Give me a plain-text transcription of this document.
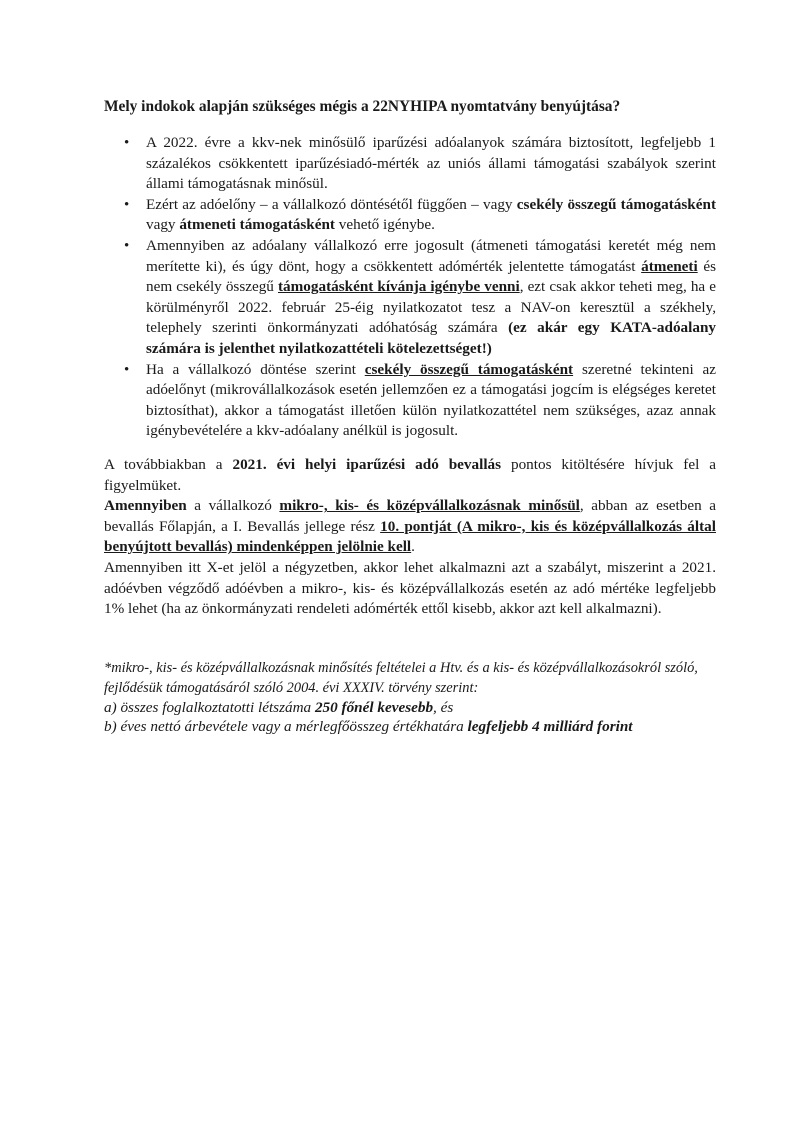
Mely indokok alapján szükséges mégis a 22NYHIPA nyomtatvány benyújtása?

• A 2022. évre a kkv-nek minősülő iparűzési adóalanyok számára biztosított, legfeljebb 1 százalékos csökkentett iparűzésiadó-mérték az uniós állami támogatási szabályok szerint állami támogatásnak minősül.
• Ezért az adóelőny – a vállalkozó döntésétől függően – vagy csekély összegű támogatásként vagy átmeneti támogatásként vehető igénybe.
• Amennyiben az adóalany vállalkozó erre jogosult (átmeneti támogatási keretét még nem merítette ki), és úgy dönt, hogy a csökkentett adómérték jelentette támogatást átmeneti és nem csekély összegű támogatásként kívánja igénybe venni, ezt csak akkor teheti meg, ha e körülményről 2022. február 25-éig nyilatkozatot tesz a NAV-on keresztül a székhely, telephely szerinti önkormányzati adóhatóság számára (ez akár egy KATA-adóalany számára is jelenthet nyilatkozattételi kötelezettséget!)
• Ha a vállalkozó döntése szerint csekély összegű támogatásként szeretné tekinteni az adóelőnyt (mikrovállalkozások esetén jellemzően ez a támogatási jogcím is elégséges keretet biztosíthat), akkor a támogatást illetően külön nyilatkozattétel nem szükséges, azaz annak igénybevételére a kkv-adóalany anélkül is jogosult.

A továbbiakban a 2021. évi helyi iparűzési adó bevallás pontos kitöltésére hívjuk fel a figyelmüket.

Amennyiben a vállalkozó mikro-, kis- és középvállalkozásnak minősül, abban az esetben a bevallás Főlapján, a I. Bevallás jellege rész 10. pontját (A mikro-, kis és középvállalkozás által benyújtott bevallás) mindenképpen jelölnie kell.

Amennyiben itt X-et jelöl a négyzetben, akkor lehet alkalmazni azt a szabályt, miszerint a 2021. adóévben végződő adóévben a mikro-, kis- és középvállalkozás esetén az adó mértéke legfeljebb 1% lehet (ha az önkormányzati rendeleti adómérték ettől kisebb, akkor azt kell alkalmazni).

*mikro-, kis- és középvállalkozásnak minősítés feltételei a Htv. és a kis- és középvállalkozásokról szóló, fejlődésük támogatásáról szóló 2004. évi XXXIV. törvény szerint:

a) összes foglalkoztatotti létszáma 250 főnél kevesebb, és

b) éves nettó árbevétele vagy a mérlegfőösszeg értékhatára legfeljebb 4 milliárd forint
